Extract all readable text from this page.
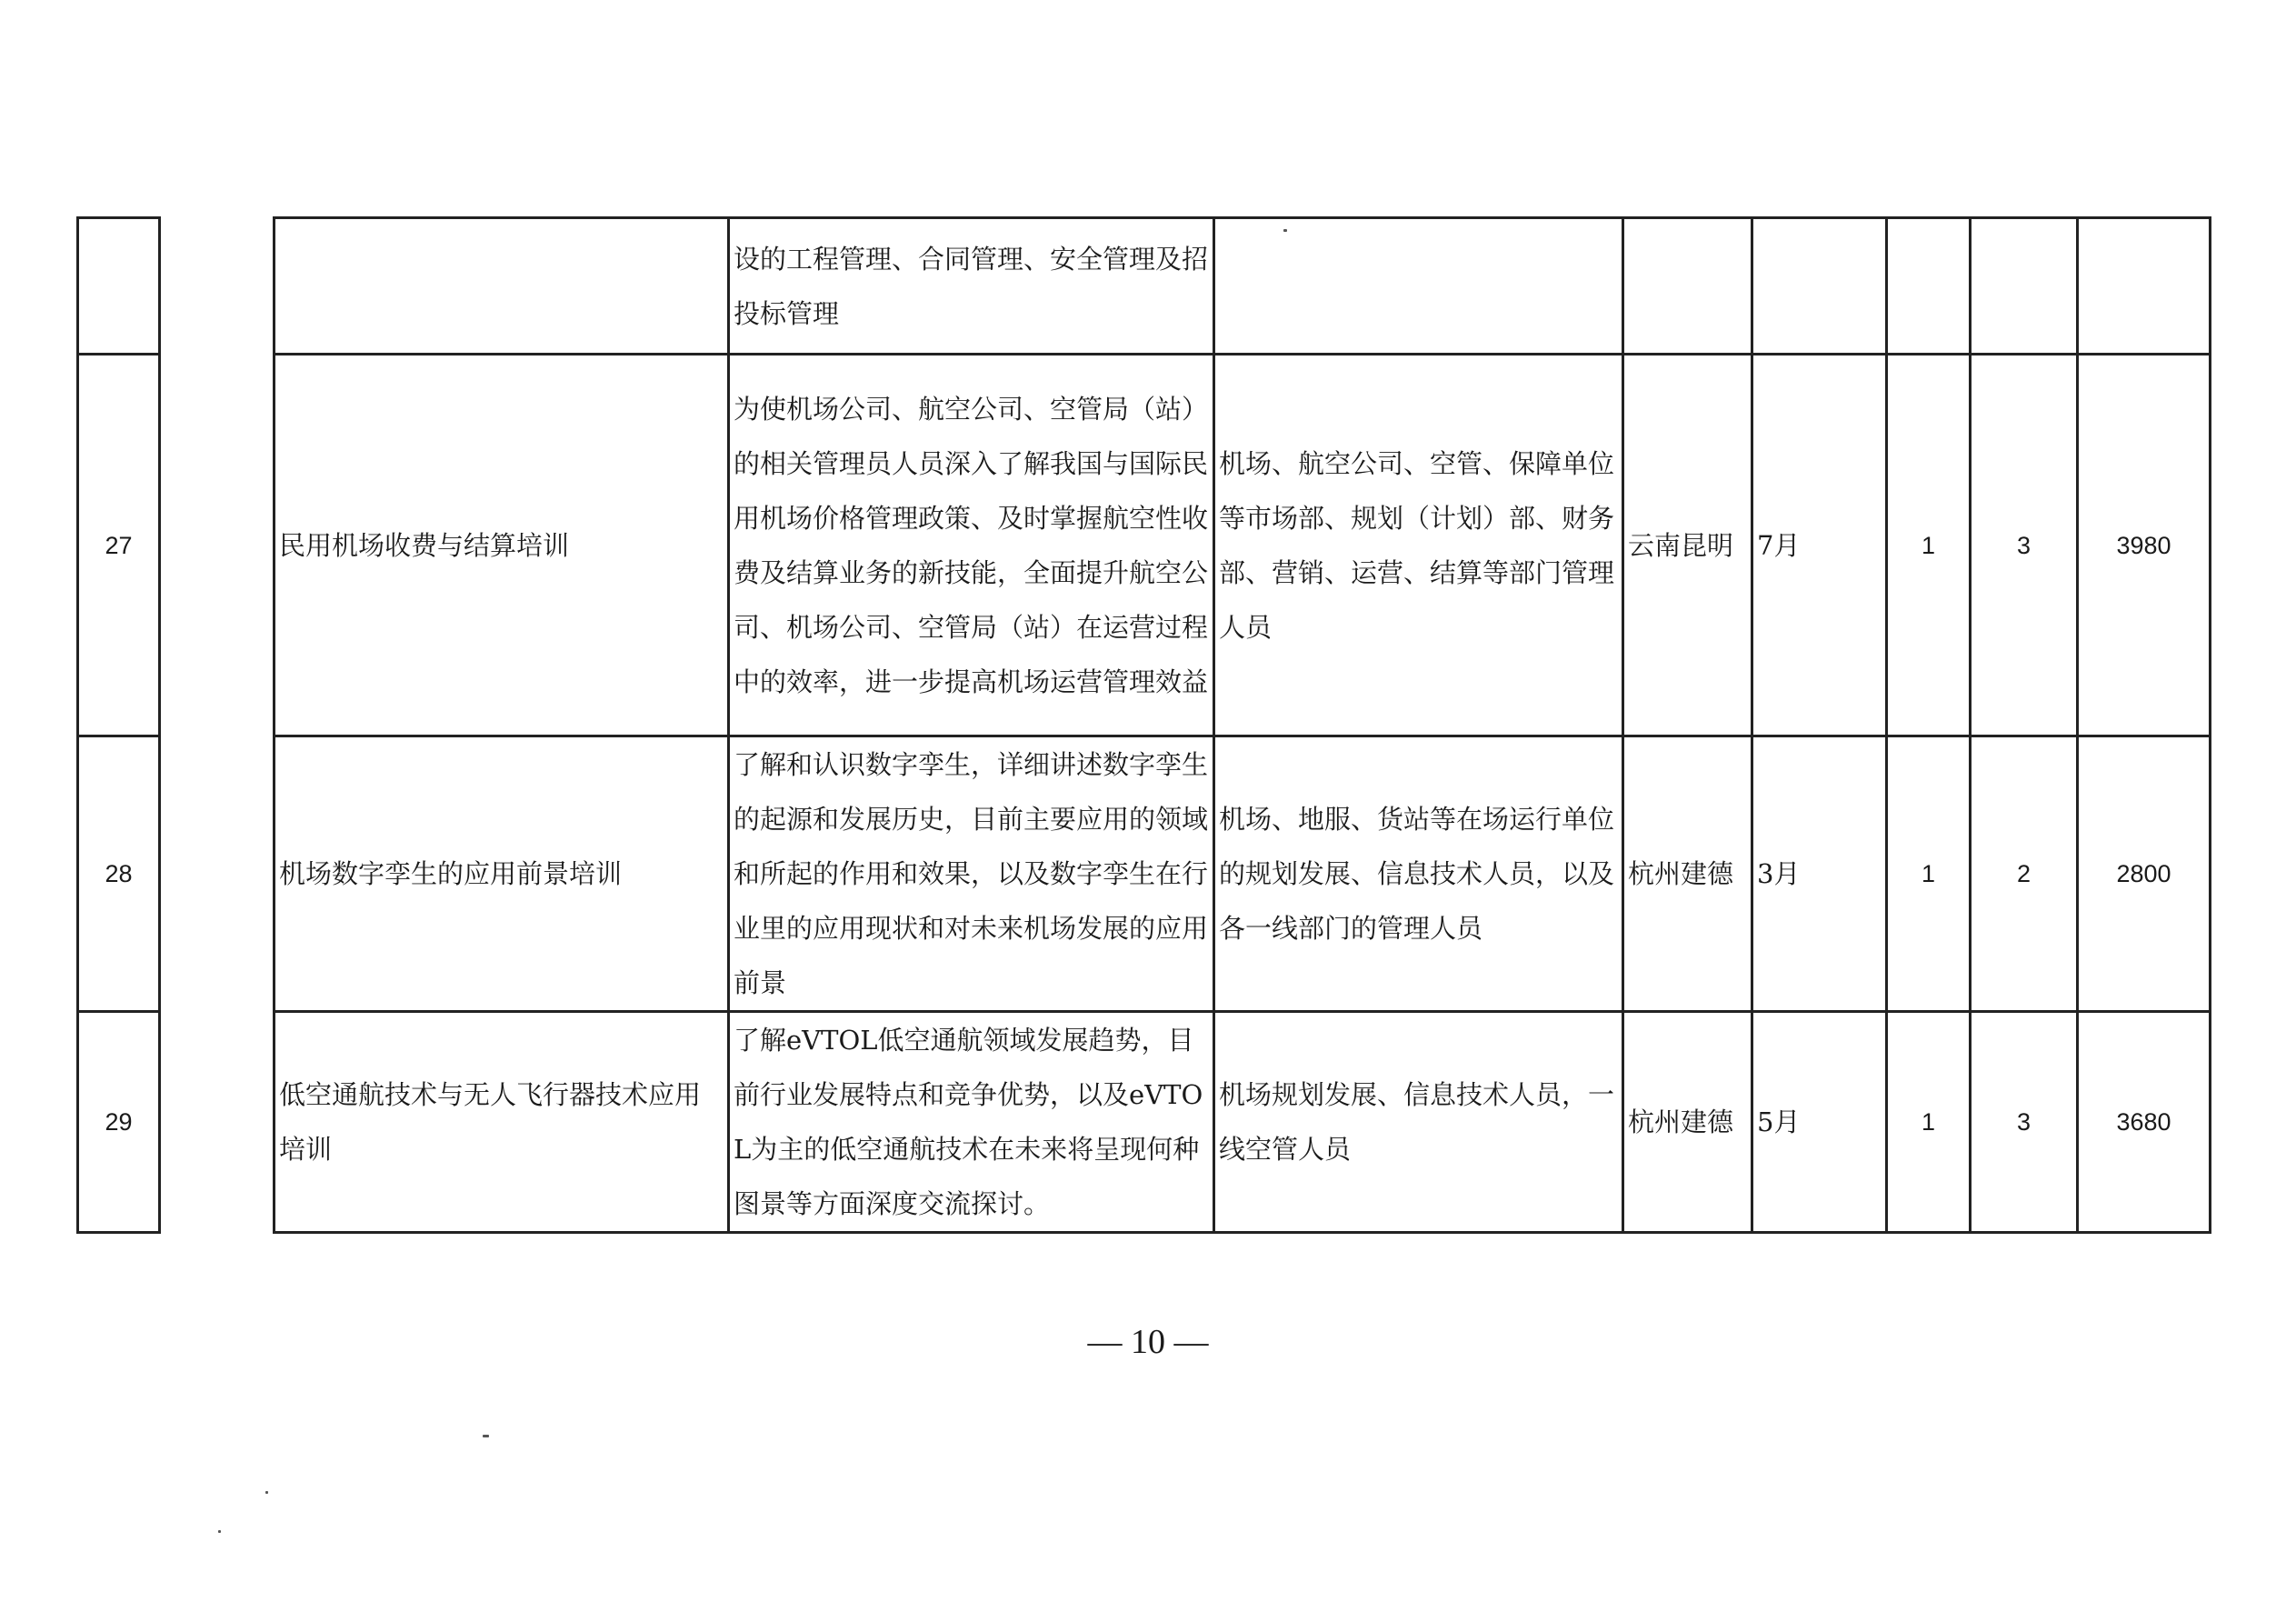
			设的工程管理、合同管理、安全管理及招投标管理						
27		民用机场收费与结算培训	为使机场公司、航空公司、空管局（站）的相关管理员人员深入了解我国与国际民用机场价格管理政策、及时掌握航空性收费及结算业务的新技能，全面提升航空公司、机场公司、空管局（站）在运营过程中的效率，进一步提高机场运营管理效益	机场、航空公司、空管、保障单位等市场部、规划（计划）部、财务部、营销、运营、结算等部门管理人员	云南昆明	7月	1	3	3980
28		机场数字孪生的应用前景培训	了解和认识数字孪生，详细讲述数字孪生的起源和发展历史，目前主要应用的领域和所起的作用和效果，以及数字孪生在行业里的应用现状和对未来机场发展的应用前景	机场、地服、货站等在场运行单位的规划发展、信息技术人员，以及各一线部门的管理人员	杭州建德	3月	1	2	2800
29		低空通航技术与无人飞行器技术应用培训	了解eVTOL低空通航领域发展趋势，目前行业发展特点和竞争优势，以及eVTOL为主的低空通航技术在未来将呈现何种图景等方面深度交流探讨。	机场规划发展、信息技术人员，一线空管人员	杭州建德	5月	1	3	3680
— 10 —
